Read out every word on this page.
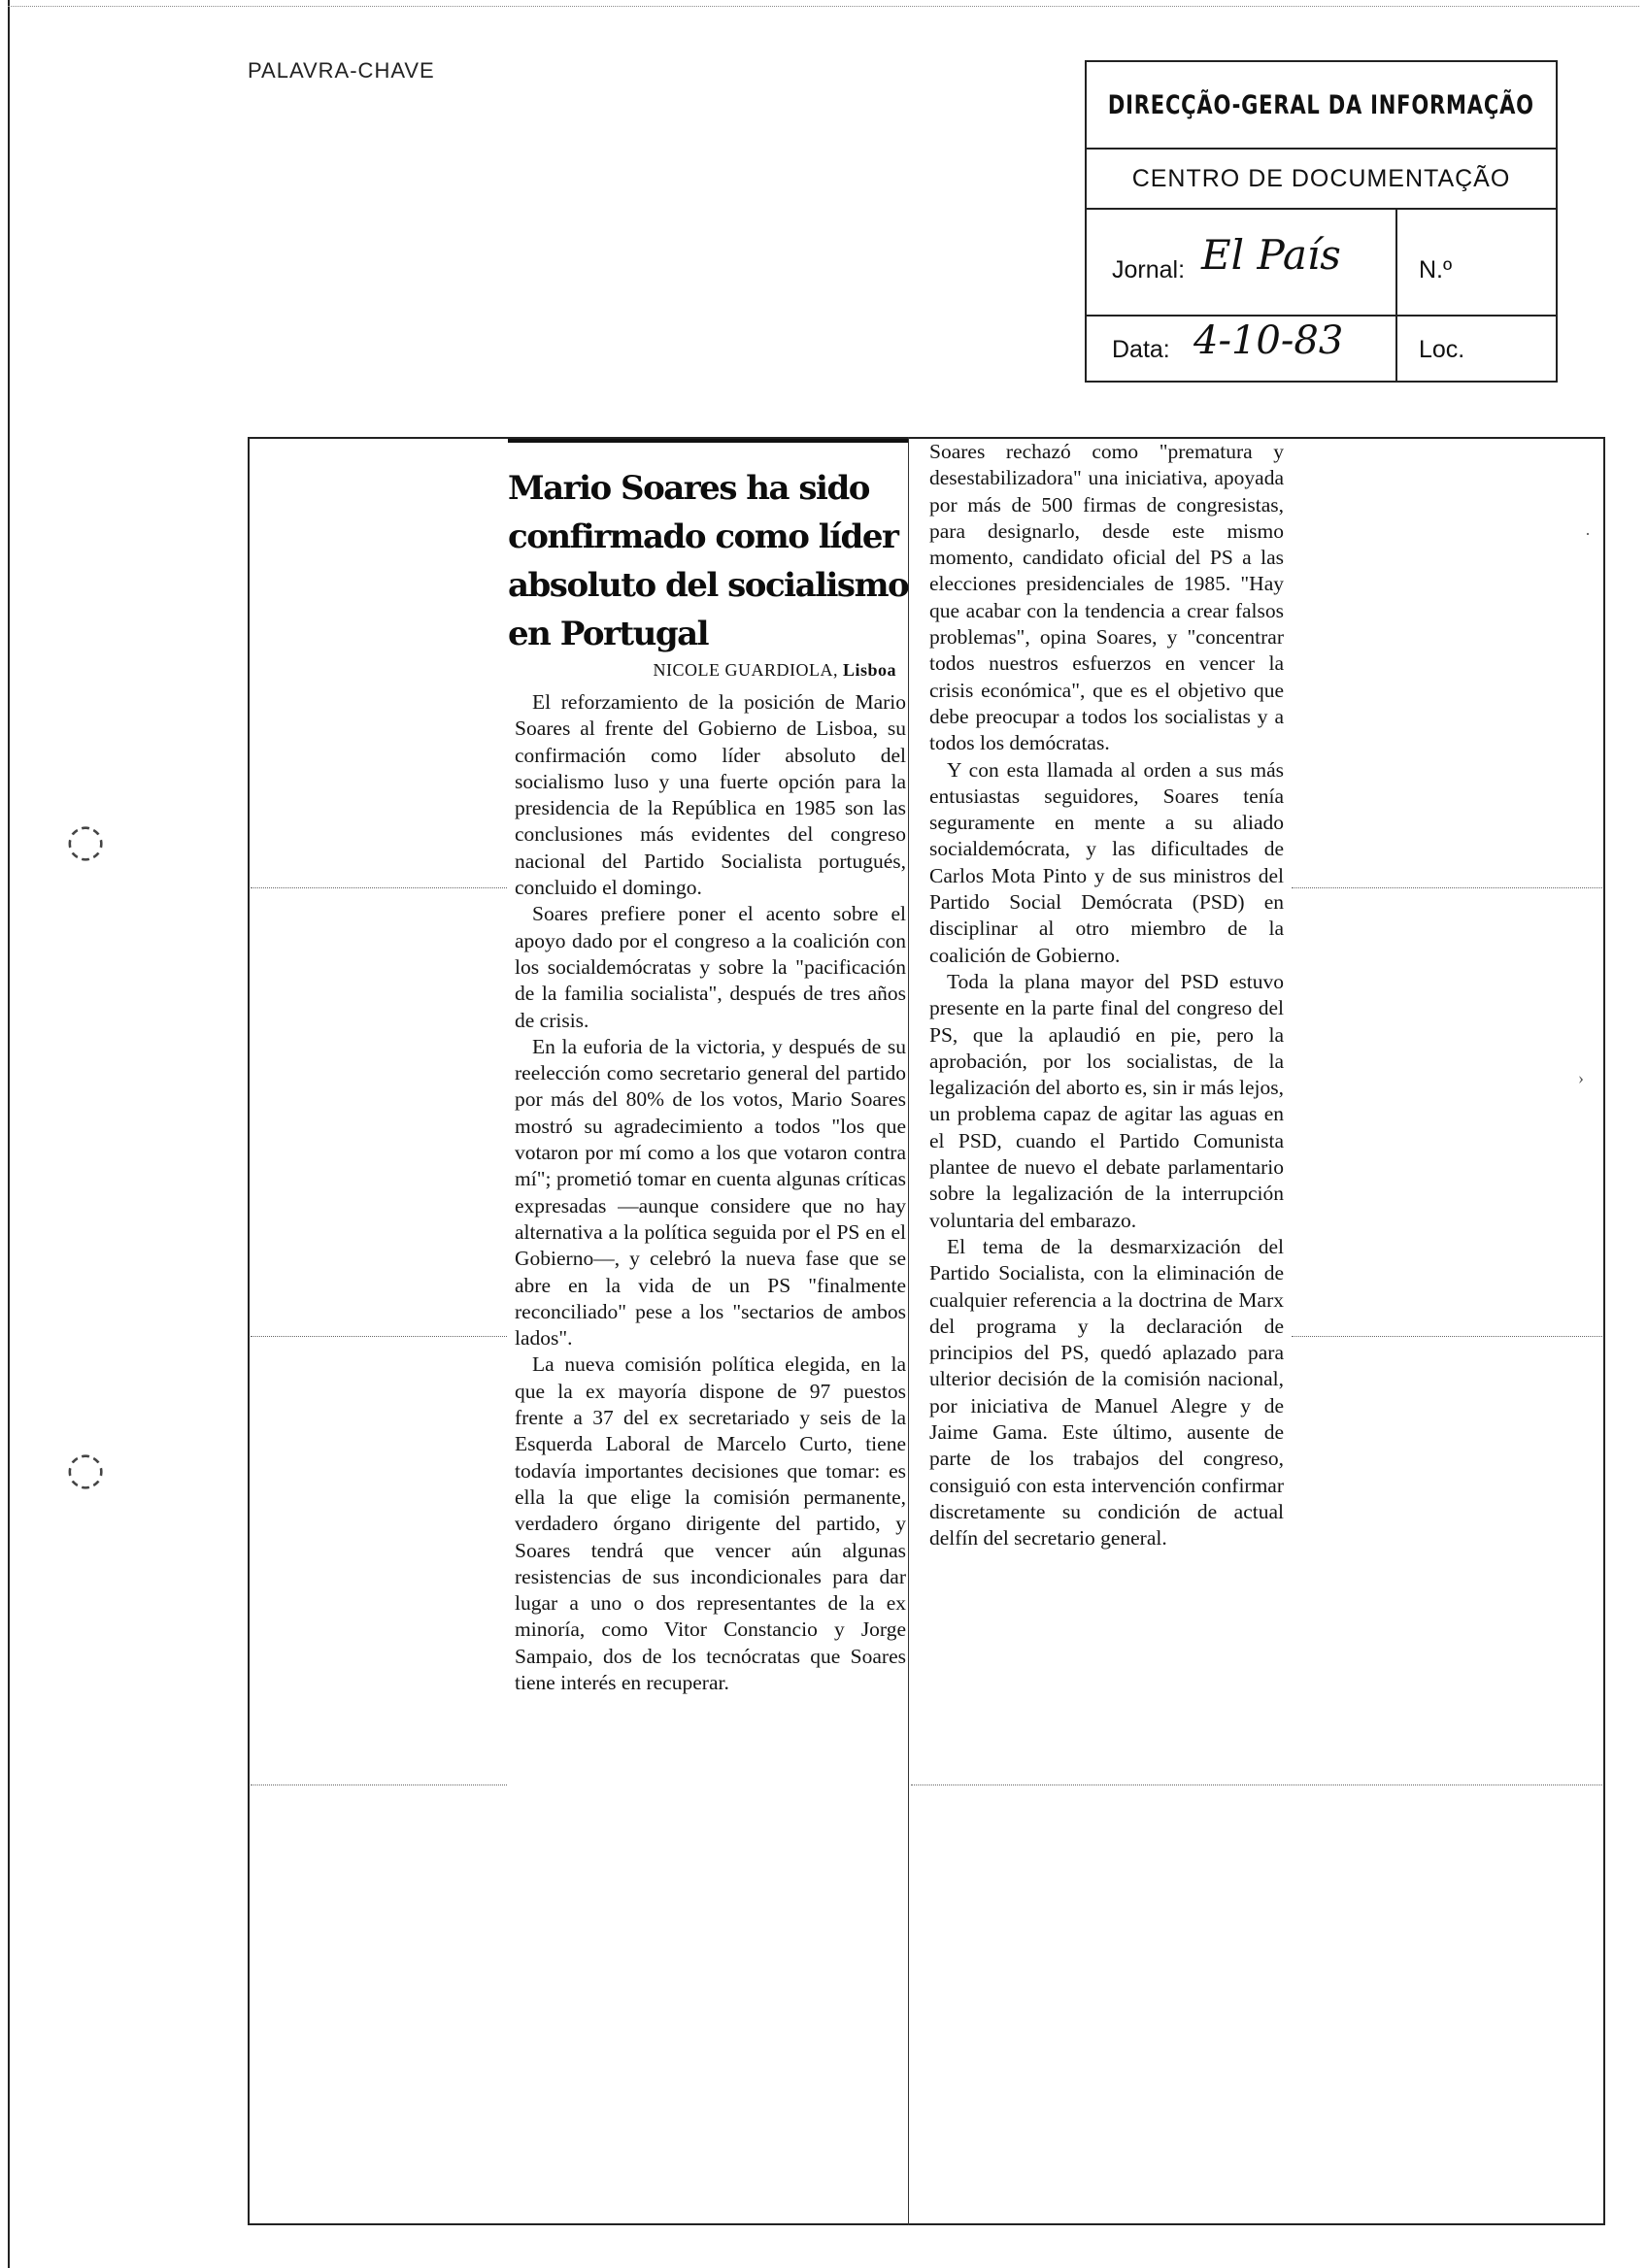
PALAVRA-CHAVE
DIRECÇÃO-GERAL DA INFORMAÇÃO
CENTRO DE DOCUMENTAÇÃO
Jornal: El País	N.º
Data: 4-10-83	Loc.
Mario Soares ha sido confirmado como líder absoluto del socialismo en Portugal
NICOLE GUARDIOLA, Lisboa

El reforzamiento de la posición de Mario Soares al frente del Gobierno de Lisboa, su confirmación como líder absoluto del socialismo luso y una fuerte opción para la presidencia de la República en 1985 son las conclusiones más evidentes del congreso nacional del Partido Socialista portugués, concluido el domingo.

Soares prefiere poner el acento sobre el apoyo dado por el congreso a la coalición con los socialdemócratas y sobre la "pacificación de la familia socialista", después de tres años de crisis.

En la euforia de la victoria, y después de su reelección como secretario general del partido por más del 80% de los votos, Mario Soares mostró su agradecimiento a todos "los que votaron por mí como a los que votaron contra mí"; prometió tomar en cuenta algunas críticas expresadas —aunque considere que no hay alternativa a la política seguida por el PS en el Gobierno—, y celebró la nueva fase que se abre en la vida de un PS "finalmente reconciliado" pese a los "sectarios de ambos lados".

La nueva comisión política elegida, en la que la ex mayoría dispone de 97 puestos frente a 37 del ex secretariado y seis de la Esquerda Laboral de Marcelo Curto, tiene todavía importantes decisiones que tomar: es ella la que elige la comisión permanente, verdadero órgano dirigente del partido, y Soares tendrá que vencer aún algunas resistencias de sus incondicionales para dar lugar a uno o dos representantes de la ex minoría, como Vitor Constancio y Jorge Sampaio, dos de los tecnócratas que Soares tiene interés en recuperar.

Soares rechazó como "prematura y desestabilizadora" una iniciativa, apoyada por más de 500 firmas de congresistas, para designarlo, desde este mismo momento, candidato oficial del PS a las elecciones presidenciales de 1985. "Hay que acabar con la tendencia a crear falsos problemas", opina Soares, y "concentrar todos nuestros esfuerzos en vencer la crisis económica", que es el objetivo que debe preocupar a todos los socialistas y a todos los demócratas.

Y con esta llamada al orden a sus más entusiastas seguidores, Soares tenía seguramente en mente a su aliado socialdemócrata, y las dificultades de Carlos Mota Pinto y de sus ministros del Partido Social Demócrata (PSD) en disciplinar al otro miembro de la coalición de Gobierno.

Toda la plana mayor del PSD estuvo presente en la parte final del congreso del PS, que la aplaudió en pie, pero la aprobación, por los socialistas, de la legalización del aborto es, sin ir más lejos, un problema capaz de agitar las aguas en el PSD, cuando el Partido Comunista plantee de nuevo el debate parlamentario sobre la legalización de la interrupción voluntaria del embarazo.

El tema de la desmarxización del Partido Socialista, con la eliminación de cualquier referencia a la doctrina de Marx del programa y la declaración de principios del PS, quedó aplazado para ulterior decisión de la comisión nacional, por iniciativa de Manuel Alegre y de Jaime Gama. Este último, ausente de parte de los trabajos del congreso, consiguió con esta intervención confirmar discretamente su condición de actual delfín del secretario general.

◌
◌
·
›
